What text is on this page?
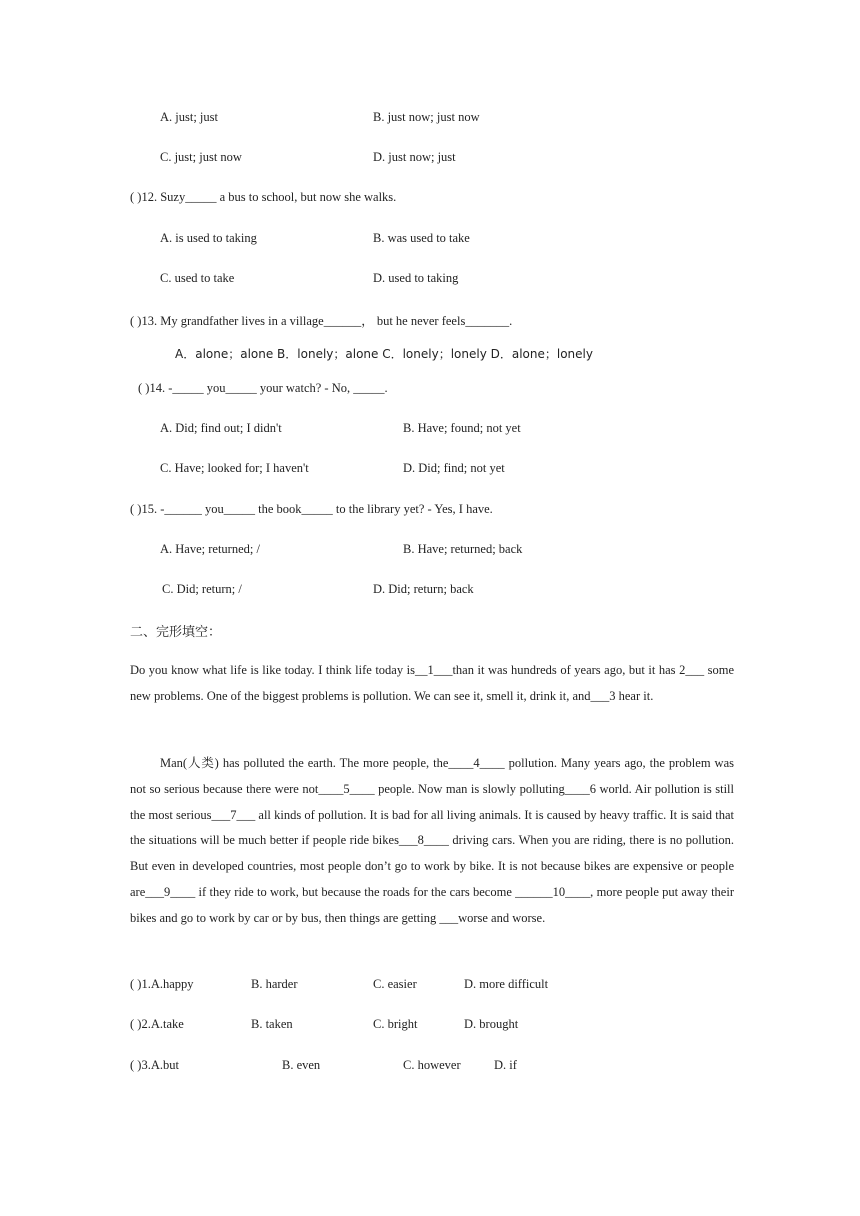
A. just; just	B. just now; just now
C. just; just now	D. just now; just
( )12. Suzy_____ a bus to school, but now she walks.
A. is used to taking	B. was used to take
C. used to take	D. used to taking
( )13. My grandfather lives in a village______， but he never feels_______.
A．alone；alone B．lonely；alone C．lonely；lonely D．alone；lonely
( )14. -_____ you_____ your watch? - No, _____.
A. Did; find out; I didn't	B. Have; found; not yet
C. Have; looked for; I haven't	D. Did; find; not yet
( )15. -______ you_____ the book_____ to the library yet? - Yes, I have.
A. Have; returned; /	B. Have; returned; back
C. Did; return; /	D. Did; return; back
二、完形填空：

Do you know what life is like today. I think life today is__1___than it was hundreds of years ago, but it has 2___ some new problems. One of the biggest problems is pollution. We can see it, smell it, drink it, and___3 hear it.

Man(人类) has polluted the earth. The more people, the____4____ pollution. Many years ago, the problem was not so serious because there were not____5____ people. Now man is slowly polluting____6 world. Air pollution is still the most serious___7___ all kinds of pollution. It is bad for all living animals. It is caused by heavy traffic. It is said that the situations will be much better if people ride bikes___8____ driving cars. When you are riding, there is no pollution. But even in developed countries, most people don’t go to work by bike. It is not because bikes are expensive or people are___9____ if they ride to work, but because the roads for the cars become ______10____, more people put away their bikes and go to work by car or by bus, then things are getting ___worse and worse.

( )1.A.happy	B. harder	C. easier	D. more difficult
( )2.A.take	B. taken	C. bright	D. brought
( )3.A.but	B. even	C. however	D. if
